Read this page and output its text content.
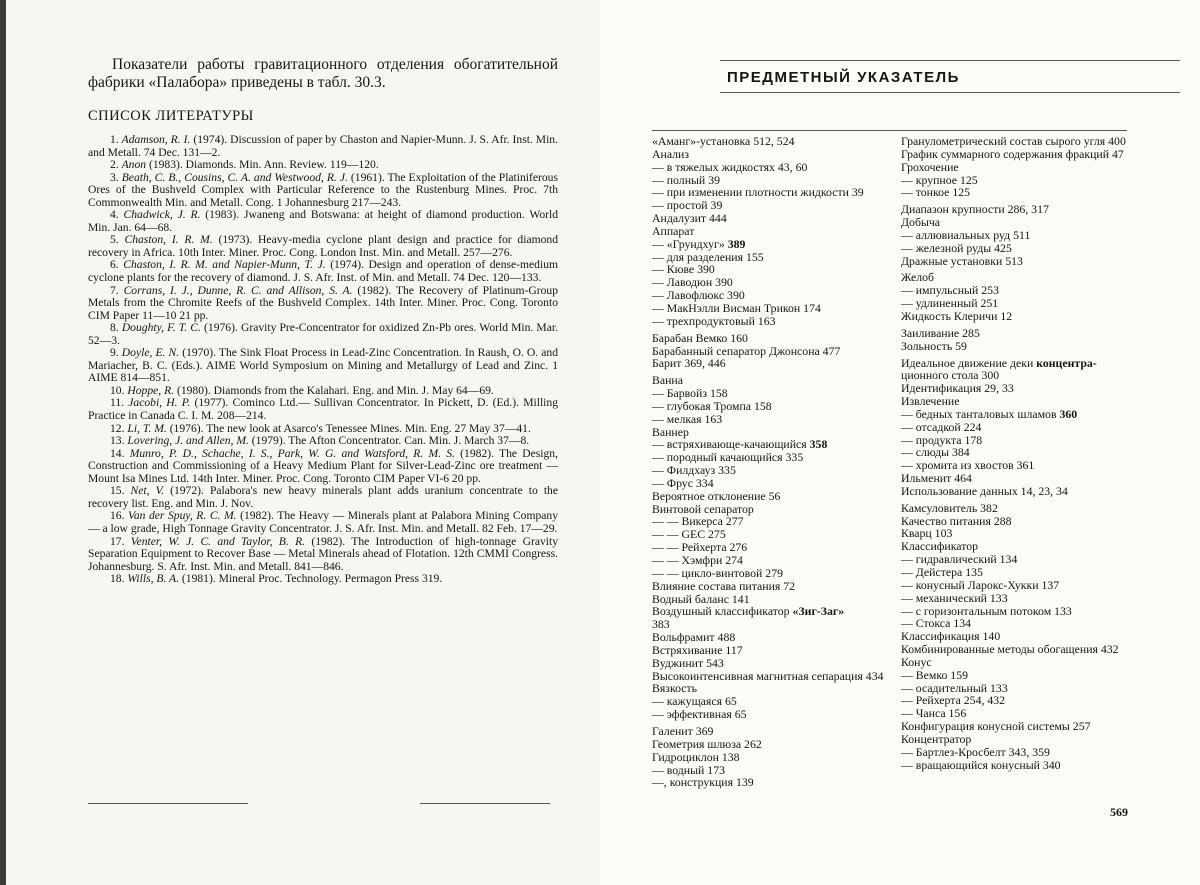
Показатели работы гравитационного отделения обогатительной фабрики «Палабора» приведены в табл. 30.3.

СПИСОК ЛИТЕРАТУРЫ
1. Adamson, R. I. (1974). Discussion of paper by Chaston and Napier-Munn. J. S. Afr. Inst. Min. and Metall. 74 Dec. 131—2.
2. Anon (1983). Diamonds. Min. Ann. Review. 119—120.
3. Beath, C. B., Cousins, C. A. and Westwood, R. J. (1961). The Exploitation of the Platiniferous Ores of the Bushveld Complex with Particular Reference to the Rustenburg Mines. Proc. 7th Commonwealth Min. and Metall. Cong. 1 Johannesburg 217—243.
4. Chadwick, J. R. (1983). Jwaneng and Botswana: at height of diamond production. World Min. Jan. 64—68.
5. Chaston, I. R. M. (1973). Heavy-media cyclone plant design and practice for diamond recovery in Africa. 10th Inter. Miner. Proc. Cong. London Inst. Min. and Metall. 257—276.
6. Chaston, I. R. M. and Napier-Munn, T. J. (1974). Design and operation of dense-medium cyclone plants for the recovery of diamond. J. S. Afr. Inst. of Min. and Metall. 74 Dec. 120—133.
7. Corrans, I. J., Dunne, R. C. and Allison, S. A. (1982). The Recovery of Platinum-Group Metals from the Chromite Reefs of the Bushveld Complex. 14th Inter. Miner. Proc. Cong. Toronto CIM Paper 11—10 21 pp.
8. Doughty, F. T. C. (1976). Gravity Pre-Concentrator for oxidized Zn-Pb ores. World Min. Mar. 52—3.
9. Doyle, E. N. (1970). The Sink Float Process in Lead-Zinc Concentration. In Raush, O. O. and Mariacher, B. C. (Eds.). AIME World Symposium on Mining and Metallurgy of Lead and Zinc. 1 AIME 814—851.
10. Hoppe, R. (1980). Diamonds from the Kalahari. Eng. and Min. J. May 64—69.
11. Jacobi, H. P. (1977). Cominco Ltd.— Sullivan Concentrator. In Pickett, D. (Ed.). Milling Practice in Canada C. I. M. 208—214.
12. Li, T. M. (1976). The new look at Asarco's Tenessee Mines. Min. Eng. 27 May 37—41.
13. Lovering, J. and Allen, M. (1979). The Afton Concentrator. Can. Min. J. March 37—8.
14. Munro, P. D., Schache, I. S., Park, W. G. and Watsford, R. M. S. (1982). The Design, Construction and Commissioning of a Heavy Medium Plant for Silver-Lead-Zinc ore treatment — Mount Isa Mines Ltd. 14th Inter. Miner. Proc. Cong. Toronto CIM Paper VI-6 20 pp.
15. Net, V. (1972). Palabora's new heavy minerals plant adds uranium concentrate to the recovery list. Eng. and Min. J. Nov.
16. Van der Spuy, R. C. M. (1982). The Heavy — Minerals plant at Palabora Mining Company — a low grade, High Tonnage Gravity Concentrator. J. S. Afr. Inst. Min. and Metall. 82 Feb. 17—29.
17. Venter, W. J. C. and Taylor, B. R. (1982). The Introduction of high-tonnage Gravity Separation Equipment to Recover Base — Metal Minerals ahead of Flotation. 12th CMMI Congress. Johannesburg. S. Afr. Inst. Min. and Metall. 841—846.
18. Wills, B. A. (1981). Mineral Proc. Technology. Permagon Press 319.
ПРЕДМЕТНЫЙ УКАЗАТЕЛЬ
«Аманг»-установка 512, 524
Анализ
— в тяжелых жидкостях 43, 60
— полный 39
— при изменении плотности жидкости 39
— простой 39
Андалузит 444
Аппарат
— «Грундхуг» 389
— для разделения 155
— Кюве 390
— Лаводюн 390
— Лавофлюкс 390
— МакНэлли Висман Трикон 174
— трехпродуктовый 163
Барабан Вемко 160
Барабанный сепаратор Джонсона 477
Барит 369, 446
Ванна
— Барвойз 158
— глубокая Тромпа 158
— мелкая 163
Ваннер
— встряхивающе-качающийся 358
— породный качающийся 335
— Филдхауз 335
— Фрус 334
Вероятное отклонение 56
Винтовой сепаратор
— — Викерса 277
— — GEC 275
— — Рейхерта 276
— — Хэмфри 274
— — цикло-винтовой 279
Влияние состава питания 72
Водный баланс 141
Воздушный классификатор «Зиг-Заг»
383
Вольфрамит 488
Встряхивание 117
Вуджинит 543
Высокоинтенсивная магнитная сепарация 434
Вязкость
— кажущаяся 65
— эффективная 65
Галенит 369
Геометрия шлюза 262
Гидроциклон 138
— водный 173
—, конструкция 139
Гранулометрический состав сырого угля 400
График суммарного содержания фракций 47
Грохочение
— крупное 125
— тонкое 125
Диапазон крупности 286, 317
Добыча
— аллювиальных руд 511
— железной руды 425
Дражные установки 513
Желоб
— импульсный 253
— удлиненный 251
Жидкость Клеричи 12
Заиливание 285
Зольность 59
Идеальное движение деки концентра-
ционного стола 300
Идентификация 29, 33
Извлечение
— бедных танталовых шламов 360
— отсадкой 224
— продукта 178
— слюды 384
— хромита из хвостов 361
Ильменит 464
Использование данных 14, 23, 34
Камсуловитель 382
Качество питания 288
Кварц 103
Классификатор
— гидравлический 134
— Дейстера 135
— конусный Ларокс-Хукки 137
— механический 133
— с горизонтальным потоком 133
— Стокса 134
Классификация 140
Комбинированные методы обогащения 432
Конус
— Вемко 159
— осадительный 133
— Рейхерта 254, 432
— Чанса 156
Конфигурация конусной системы 257
Концентратор
— Бартлез-Кросбелт 343, 359
— вращающийся конусный 340
569
